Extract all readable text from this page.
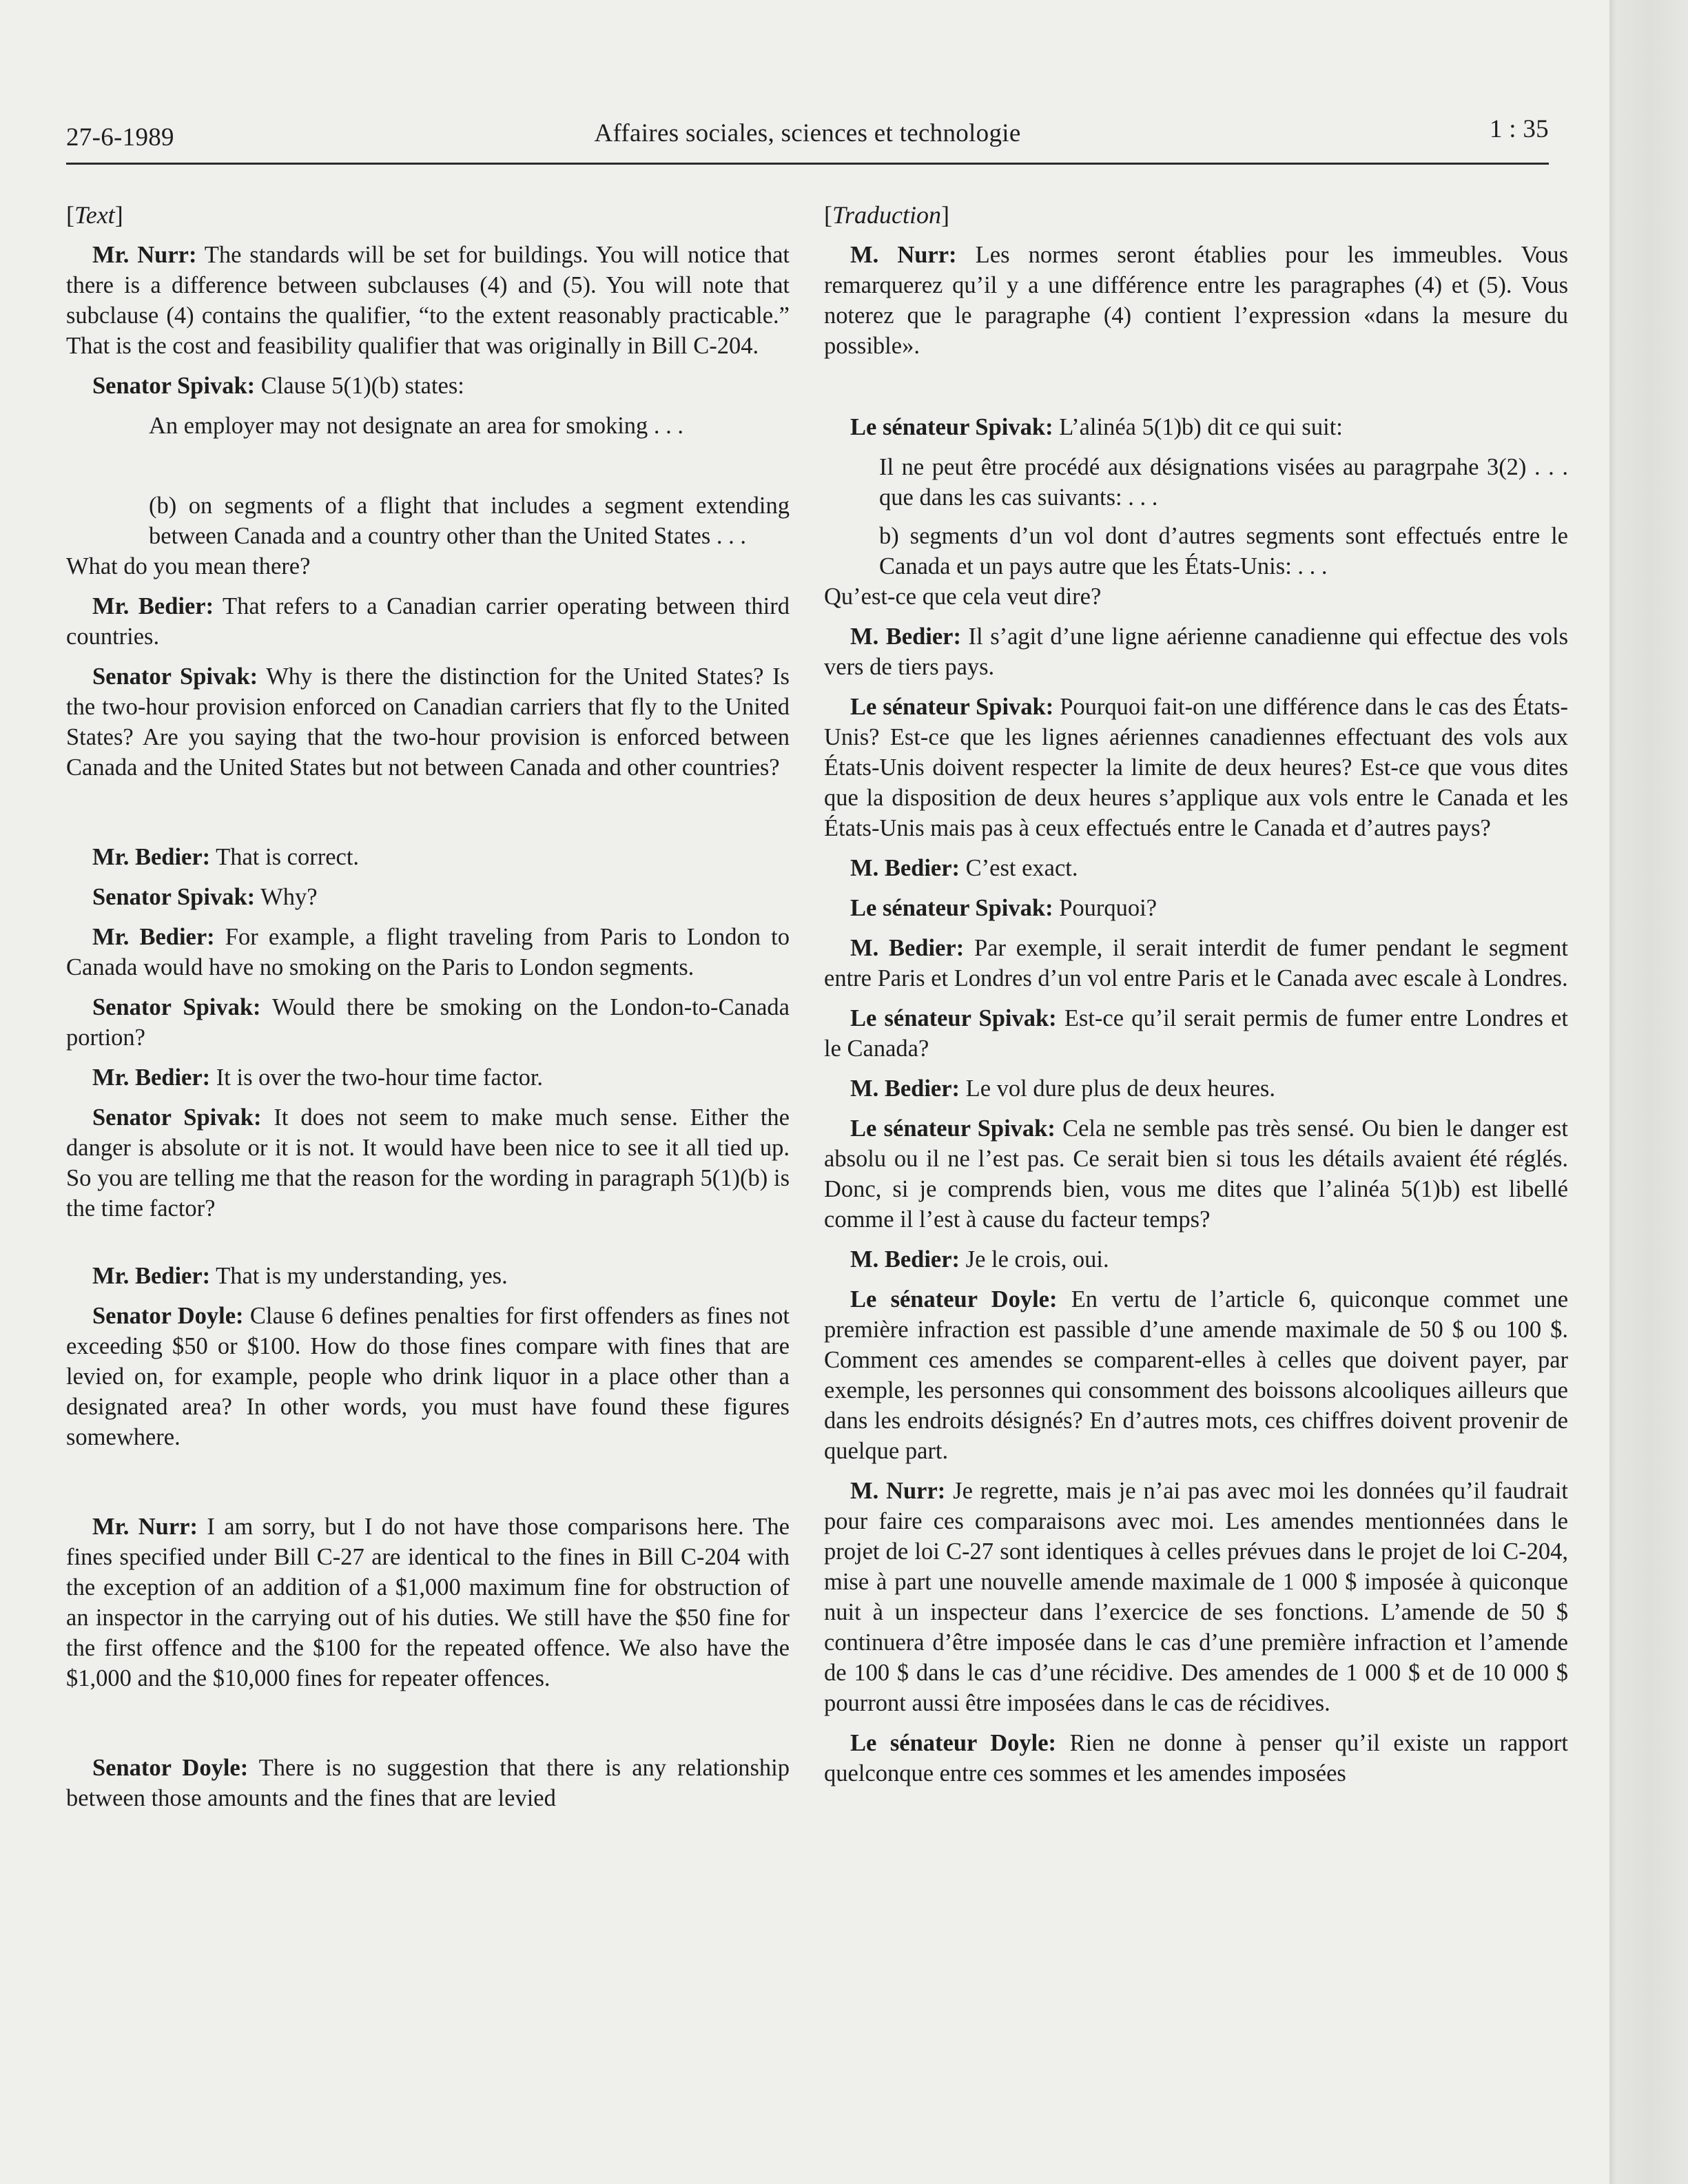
27-6-1989	Affaires sociales, sciences et technologie	1 : 35

[Text]

Mr. Nurr: The standards will be set for buildings. You will notice that there is a difference between subclauses (4) and (5). You will note that subclause (4) contains the qualifier, “to the extent reasonably practicable.” That is the cost and feasibility qualifier that was originally in Bill C-204.

Senator Spivak: Clause 5(1)(b) states:

An employer may not designate an area for smoking . . .

(b) on segments of a flight that includes a segment extending between Canada and a country other than the United States . . .

What do you mean there?

Mr. Bedier: That refers to a Canadian carrier operating between third countries.

Senator Spivak: Why is there the distinction for the United States? Is the two-hour provision enforced on Canadian carriers that fly to the United States? Are you saying that the two-hour provision is enforced between Canada and the United States but not between Canada and other countries?

Mr. Bedier: That is correct.

Senator Spivak: Why?

Mr. Bedier: For example, a flight traveling from Paris to London to Canada would have no smoking on the Paris to London segments.

Senator Spivak: Would there be smoking on the London-to-Canada portion?

Mr. Bedier: It is over the two-hour time factor.

Senator Spivak: It does not seem to make much sense. Either the danger is absolute or it is not. It would have been nice to see it all tied up. So you are telling me that the reason for the wording in paragraph 5(1)(b) is the time factor?

Mr. Bedier: That is my understanding, yes.

Senator Doyle: Clause 6 defines penalties for first offenders as fines not exceeding $50 or $100. How do those fines compare with fines that are levied on, for example, people who drink liquor in a place other than a designated area? In other words, you must have found these figures somewhere.

Mr. Nurr: I am sorry, but I do not have those comparisons here. The fines specified under Bill C-27 are identical to the fines in Bill C-204 with the exception of an addition of a $1,000 maximum fine for obstruction of an inspector in the carrying out of his duties. We still have the $50 fine for the first offence and the $100 for the repeated offence. We also have the $1,000 and the $10,000 fines for repeater offences.

Senator Doyle: There is no suggestion that there is any relationship between those amounts and the fines that are levied

[Traduction]

M. Nurr: Les normes seront établies pour les immeubles. Vous remarquerez qu’il y a une différence entre les paragraphes (4) et (5). Vous noterez que le paragraphe (4) contient l’expression «dans la mesure du possible».

Le sénateur Spivak: L’alinéa 5(1)b) dit ce qui suit:

Il ne peut être procédé aux désignations visées au paragrpahe 3(2) . . . que dans les cas suivants: . . .

b) segments d’un vol dont d’autres segments sont effectués entre le Canada et un pays autre que les États-Unis: . . .

Qu’est-ce que cela veut dire?

M. Bedier: Il s’agit d’une ligne aérienne canadienne qui effectue des vols vers de tiers pays.

Le sénateur Spivak: Pourquoi fait-on une différence dans le cas des États-Unis? Est-ce que les lignes aériennes canadiennes effectuant des vols aux États-Unis doivent respecter la limite de deux heures? Est-ce que vous dites que la disposition de deux heures s’applique aux vols entre le Canada et les États-Unis mais pas à ceux effectués entre le Canada et d’autres pays?

M. Bedier: C’est exact.

Le sénateur Spivak: Pourquoi?

M. Bedier: Par exemple, il serait interdit de fumer pendant le segment entre Paris et Londres d’un vol entre Paris et le Canada avec escale à Londres.

Le sénateur Spivak: Est-ce qu’il serait permis de fumer entre Londres et le Canada?

M. Bedier: Le vol dure plus de deux heures.

Le sénateur Spivak: Cela ne semble pas très sensé. Ou bien le danger est absolu ou il ne l’est pas. Ce serait bien si tous les détails avaient été réglés. Donc, si je comprends bien, vous me dites que l’alinéa 5(1)b) est libellé comme il l’est à cause du facteur temps?

M. Bedier: Je le crois, oui.

Le sénateur Doyle: En vertu de l’article 6, quiconque commet une première infraction est passible d’une amende maximale de 50 $ ou 100 $. Comment ces amendes se comparent-elles à celles que doivent payer, par exemple, les personnes qui consomment des boissons alcooliques ailleurs que dans les endroits désignés? En d’autres mots, ces chiffres doivent provenir de quelque part.

M. Nurr: Je regrette, mais je n’ai pas avec moi les données qu’il faudrait pour faire ces comparaisons avec moi. Les amendes mentionnées dans le projet de loi C-27 sont identiques à celles prévues dans le projet de loi C-204, mise à part une nouvelle amende maximale de 1 000 $ imposée à quiconque nuit à un inspecteur dans l’exercice de ses fonctions. L’amende de 50 $ continuera d’être imposée dans le cas d’une première infraction et l’amende de 100 $ dans le cas d’une récidive. Des amendes de 1 000 $ et de 10 000 $ pourront aussi être imposées dans le cas de récidives.

Le sénateur Doyle: Rien ne donne à penser qu’il existe un rapport quelconque entre ces sommes et les amendes imposées
